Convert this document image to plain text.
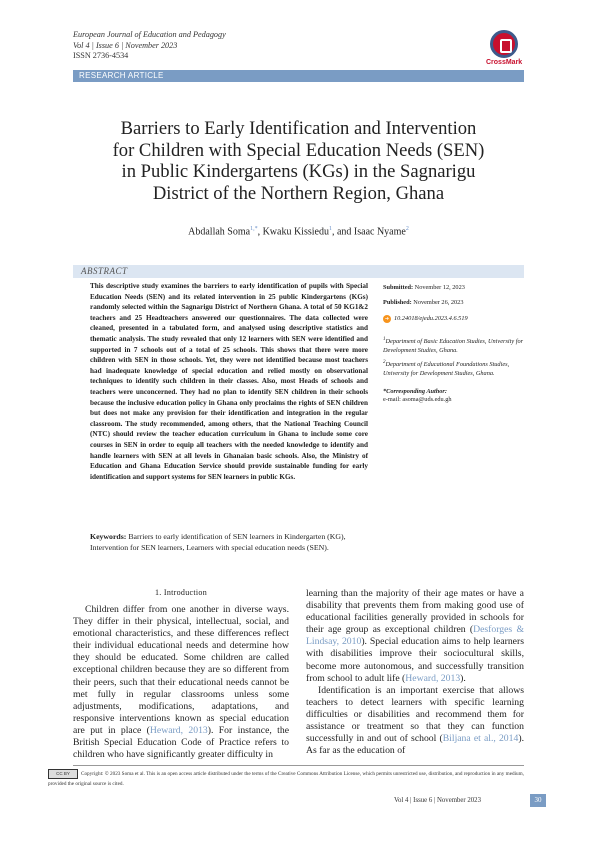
European Journal of Education and Pedagogy
Vol 4 | Issue 6 | November 2023
ISSN 2736-4534
CrossMark
RESEARCH ARTICLE
Barriers to Early Identification and Intervention
for Children with Special Education Needs (SEN)
in Public Kindergartens (KGs) in the Sagnarigu
District of the Northern Region, Ghana
Abdallah Soma$^{1,*}$, Kwaku Kissiedu$^1$, and Isaac Nyame$^2$
ABSTRACT
This descriptive study examines the barriers to early identification of pupils with Special Education Needs (SEN) and its related intervention in 25 public Kindergartens (KGs) randomly selected within the Sagnarigu District of Northern Ghana. A total of 50 KG1&2 teachers and 25 Headteachers answered our questionnaires. The data collected were cleaned, presented in a tabulated form, and analysed using descriptive statistics and thematic analysis. The study revealed that only 12 learners with SEN were identified and supported in 7 schools out of a total of 25 schools. This shows that there were more children with SEN in those schools. Yet, they were not identified because most teachers had inadequate knowledge of special education and relied mostly on observational techniques to identify such children in their classes. Also, most Heads of schools and teachers were unconcerned. They had no plan to identify SEN children in their schools because the inclusive education policy in Ghana only proclaims the rights of SEN children but does not make any provision for their identification and integration in the regular classroom. The study recommended, among others, that the National Teaching Council (NTC) should review the teacher education curriculum in Ghana to include some core courses in SEN in order to equip all teachers with the needed knowledge to identify and handle learners with SEN at all levels in Ghanaian basic schools. Also, the Ministry of Education and Ghana Education Service should provide sustainable funding for early identification and support systems for SEN learners in public KGs.
Submitted: November 12, 2023
Published: November 26, 2023
➜ 10.24018/ejedu.2023.4.6.519
$^1$Department of Basic Education Studies, University for Development Studies, Ghana.
$^2$Department of Educational Foundations Studies, University for Development Studies, Ghana.
*Corresponding Author:
e-mail: asoma@uds.edu.gh
Keywords: Barriers to early identification of SEN learners in Kindergarten (KG), Intervention for SEN learners, Learners with special education needs (SEN).
1. Introduction
Children differ from one another in diverse ways. They differ in their physical, intellectual, social, and emotional characteristics, and these differences reflect their individual educational needs and determine how they should be educated. Some children are called exceptional children because they are so different from their peers, such that their educational needs cannot be met fully in regular classrooms unless some adjustments, modifications, adaptations, and responsive interventions known as special education are put in place (Heward, 2013). For instance, the British Special Education Code of Practice refers to children who have significantly greater difficulty in

learning than the majority of their age mates or have a disability that prevents them from making good use of educational facilities generally provided in schools for their age group as exceptional children (Desforges & Lindsay, 2010). Special education aims to help learners with disabilities improve their sociocultural skills, become more autonomous, and successfully transition from school to adult life (Heward, 2013).

Identification is an important exercise that allows teachers to detect learners with specific learning difficulties or disabilities and recommend them for assistance or treatment so that they can function successfully in and out of school (Biljana et al., 2014). As far as the education of

CC BY Copyright: © 2023 Soma et al. This is an open access article distributed under the terms of the Creative Commons Attribution License, which permits unrestricted use, distribution, and reproduction in any medium, provided the original source is cited.
Vol 4 | Issue 6 | November 2023	30
